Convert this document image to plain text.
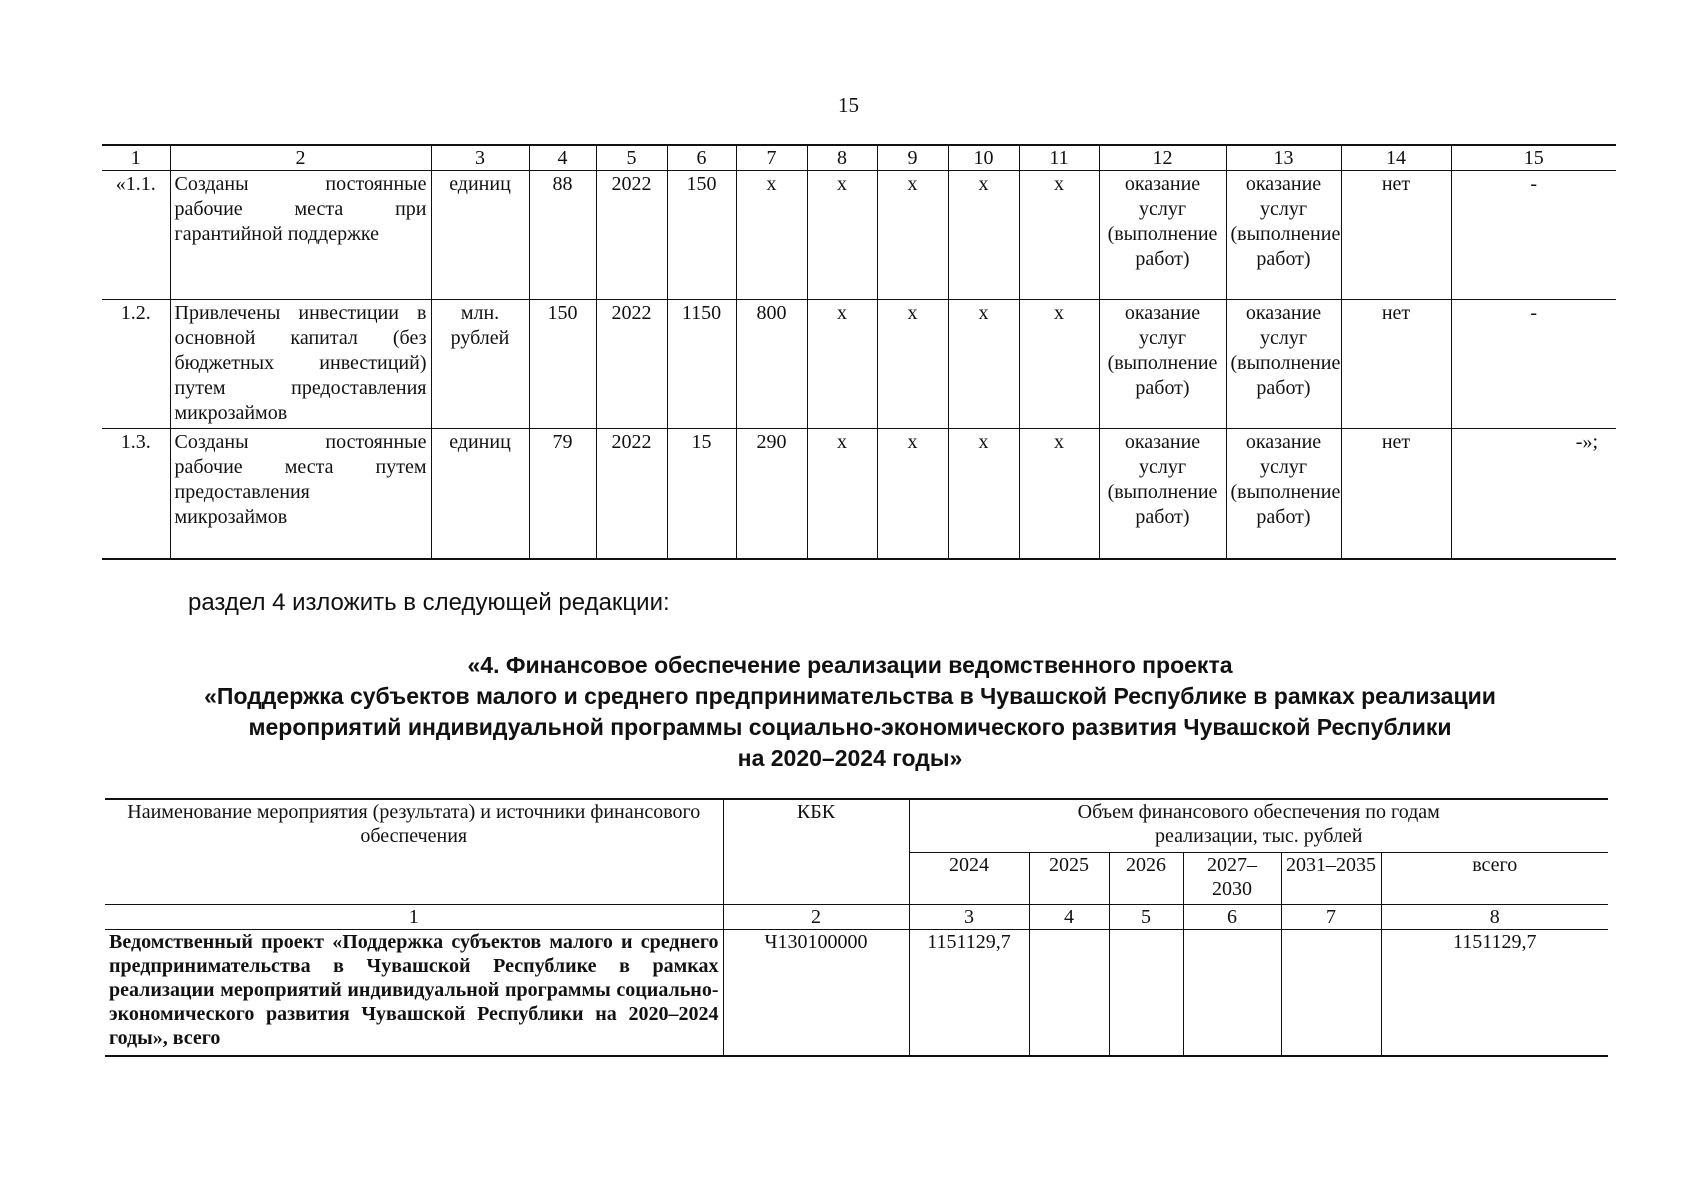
15
1	2	3	4	5	6	7	8	9	10	11	12	13	14	15
«1.1.	Созданы постоянные рабочие места при гарантийной поддержке	единиц	88	2022	150	х	х	х	х	х	оказание услуг (выполнение работ)	оказание услуг (выполнение работ)	нет	-
1.2.	Привлечены инвестиции в основной капитал (без бюджетных инвестиций) путем предоставления микрозаймов	млн. рублей	150	2022	1150	800	х	х	х	х	оказание услуг (выполнение работ)	оказание услуг (выполнение работ)	нет	-
1.3.	Созданы постоянные рабочие места путем предоставления микрозаймов	единиц	79	2022	15	290	х	х	х	х	оказание услуг (выполнение работ)	оказание услуг (выполнение работ)	нет	-»;
раздел 4 изложить в следующей редакции:
«4. Финансовое обеспечение реализации ведомственного проекта
«Поддержка субъектов малого и среднего предпринимательства в Чувашской Республике в рамках реализации
мероприятий индивидуальной программы социально-экономического развития Чувашской Республики
на 2020–2024 годы»
Наименование мероприятия (результата) и источники финансового обеспечения	КБК	Объем финансового обеспечения по годам реализации, тыс. рублей					
		2024	2025	2026	2027–2030	2031–2035	всего
1	2	3	4	5	6	7	8
Ведомственный проект «Поддержка субъектов малого и среднего предпринимательства в Чувашской Республике в рамках реализации мероприятий индивидуальной программы социально-экономического развития Чувашской Республики на 2020–2024 годы», всего	Ч130100000	1151129,7					1151129,7
